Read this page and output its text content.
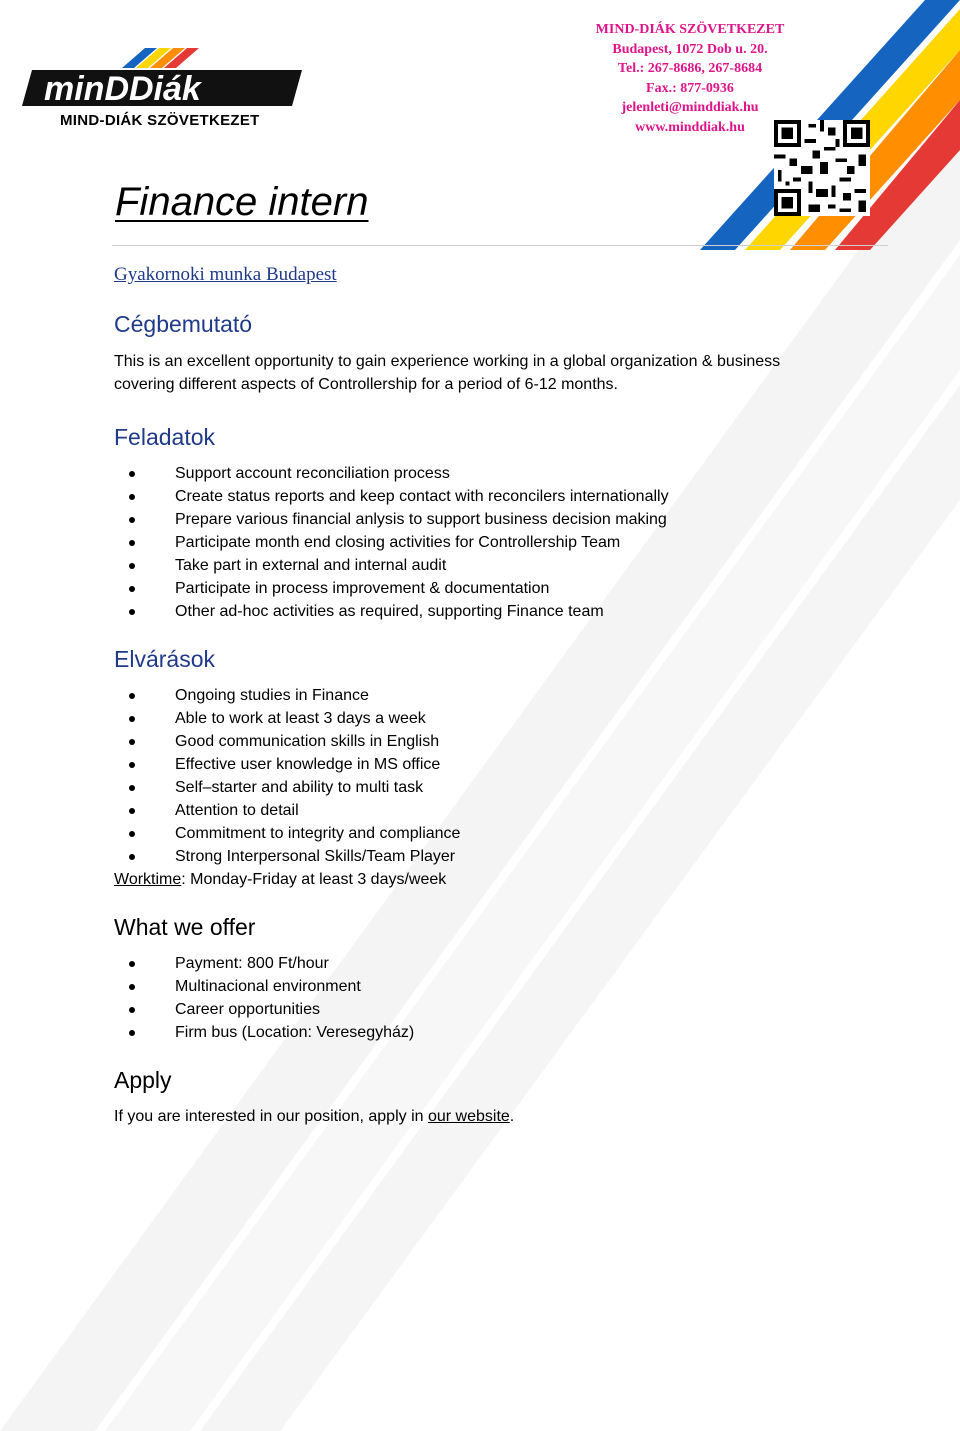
minDDiák
MIND-DIÁK SZÖVETKEZET
MIND-DIÁK SZÖVETKEZET
Budapest, 1072 Dob u. 20.
Tel.: 267-8686, 267-8684
Fax.: 877-0936
jelenleti@minddiak.hu
www.minddiak.hu
Finance intern
Gyakornoki munka Budapest
Cégbemutató
This is an excellent opportunity to gain experience working in a global organization & business covering different aspects of Controllership for a period of 6-12 months.
Feladatok
Support account reconciliation process
Create status reports and keep contact with reconcilers internationally
Prepare various financial anlysis to support business decision making
Participate month end closing activities for Controllership Team
Take part in external and internal audit
Participate in process improvement & documentation
Other ad-hoc activities as required, supporting Finance team
Elvárások
Ongoing studies in Finance
Able to work at least 3 days a week
Good communication skills in English
Effective user knowledge in MS office
Self–starter and ability to multi task
Attention to detail
Commitment to integrity and compliance
Strong Interpersonal Skills/Team Player
Worktime: Monday-Friday at least 3 days/week
What we offer
Payment: 800 Ft/hour
Multinacional environment
Career opportunities
Firm bus (Location: Veresegyház)
Apply
If you are interested in our position, apply in our website.
